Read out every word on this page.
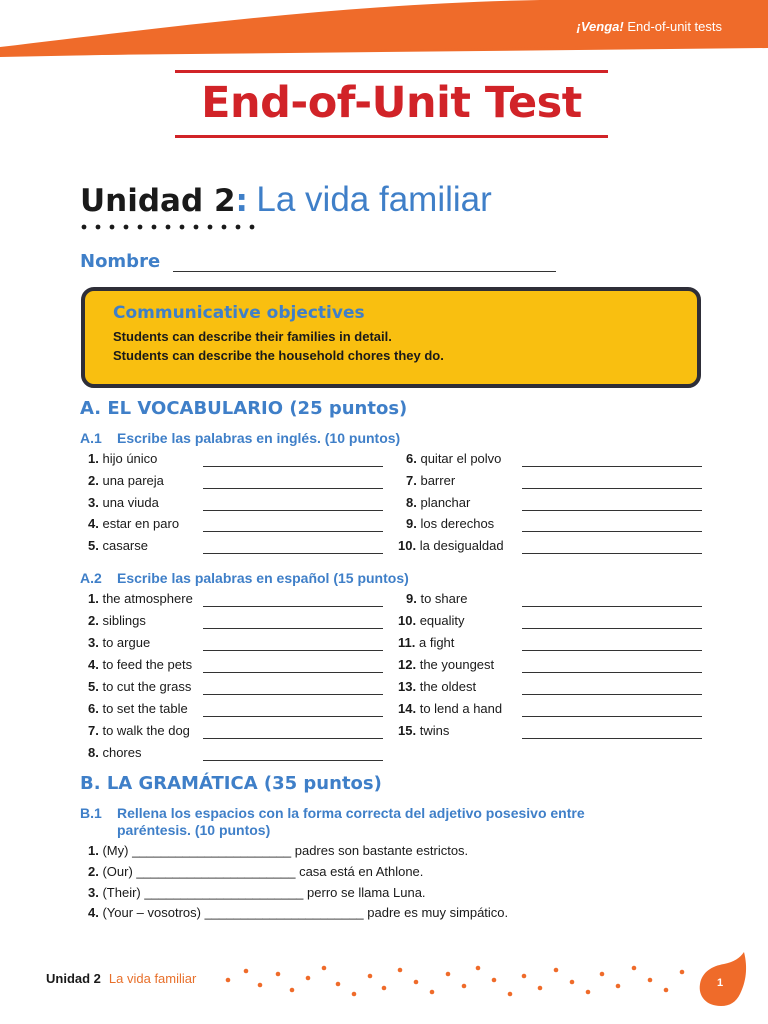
¡Venga! End-of-unit tests
End-of-Unit Test
Unidad 2: La vida familiar
Nombre
Communicative objectives
Students can describe their families in detail.
Students can describe the household chores they do.
A. EL VOCABULARIO (25 puntos)
A.1 Escribe las palabras en inglés. (10 puntos)
1. hijo único
2. una pareja
3. una viuda
4. estar en paro
5. casarse
6. quitar el polvo
7. barrer
8. planchar
9. los derechos
10. la desigualdad
A.2 Escribe las palabras en español (15 puntos)
1. the atmosphere
2. siblings
3. to argue
4. to feed the pets
5. to cut the grass
6. to set the table
7. to walk the dog
8. chores
9. to share
10. equality
11. a fight
12. the youngest
13. the oldest
14. to lend a hand
15. twins
B. LA GRAMÁTICA (35 puntos)
B.1 Rellena los espacios con la forma correcta del adjetivo posesivo entre
paréntesis. (10 puntos)
1. (My) ______________________ padres son bastante estrictos.
2. (Our) ______________________ casa está en Athlone.
3. (Their) ______________________ perro se llama Luna.
4. (Your – vosotros) ______________________ padre es muy simpático.
Unidad 2 La vida familiar	1
